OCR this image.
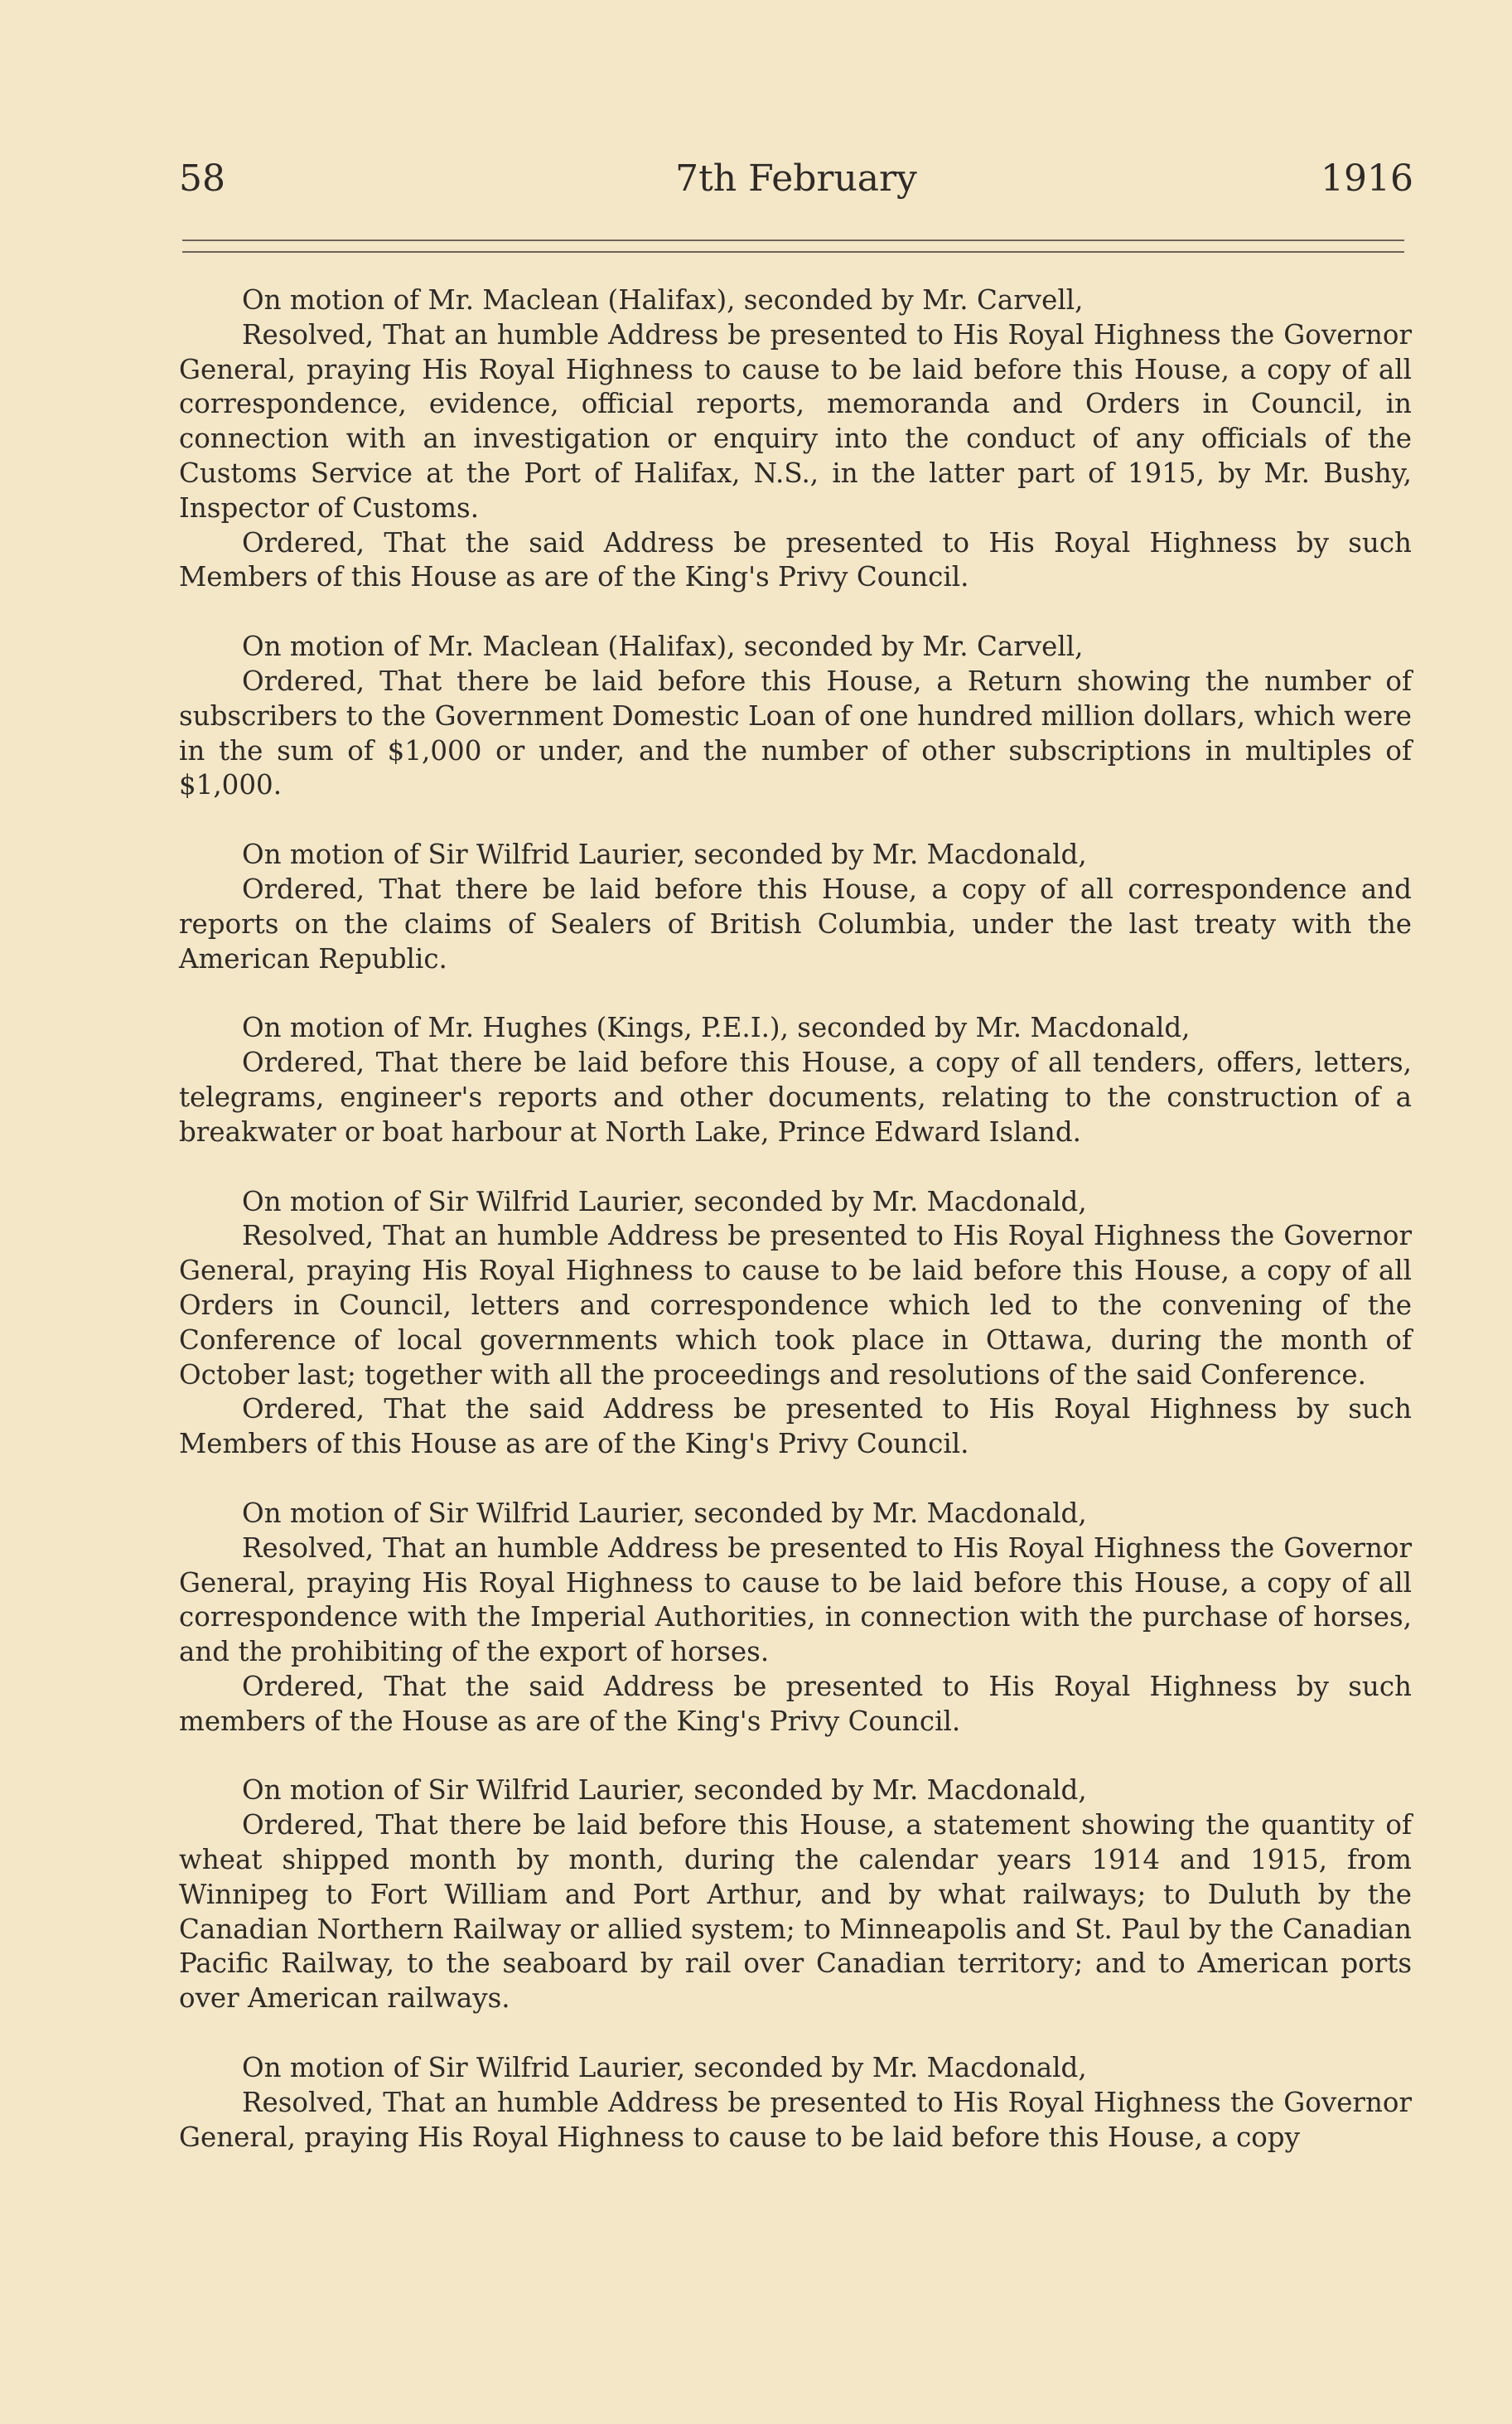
58	7th February	1916

On motion of Mr. Maclean (Halifax), seconded by Mr. Carvell,

Resolved, That an humble Address be presented to His Royal Highness the Governor General, praying His Royal Highness to cause to be laid before this House, a copy of all correspondence, evidence, official reports, memoranda and Orders in Council, in connection with an investigation or enquiry into the conduct of any officials of the Customs Service at the Port of Halifax, N.S., in the latter part of 1915, by Mr. Bushy, Inspector of Customs.

Ordered, That the said Address be presented to His Royal Highness by such Members of this House as are of the King's Privy Council.

On motion of Mr. Maclean (Halifax), seconded by Mr. Carvell,

Ordered, That there be laid before this House, a Return showing the number of subscribers to the Government Domestic Loan of one hundred million dollars, which were in the sum of $1,000 or under, and the number of other subscriptions in multiples of $1,000.

On motion of Sir Wilfrid Laurier, seconded by Mr. Macdonald,

Ordered, That there be laid before this House, a copy of all correspondence and reports on the claims of Sealers of British Columbia, under the last treaty with the American Republic.

On motion of Mr. Hughes (Kings, P.E.I.), seconded by Mr. Macdonald,

Ordered, That there be laid before this House, a copy of all tenders, offers, letters, telegrams, engineer's reports and other documents, relating to the construction of a breakwater or boat harbour at North Lake, Prince Edward Island.

On motion of Sir Wilfrid Laurier, seconded by Mr. Macdonald,

Resolved, That an humble Address be presented to His Royal Highness the Governor General, praying His Royal Highness to cause to be laid before this House, a copy of all Orders in Council, letters and correspondence which led to the convening of the Conference of local governments which took place in Ottawa, during the month of October last; together with all the proceedings and resolutions of the said Conference.

Ordered, That the said Address be presented to His Royal Highness by such Members of this House as are of the King's Privy Council.

On motion of Sir Wilfrid Laurier, seconded by Mr. Macdonald,

Resolved, That an humble Address be presented to His Royal Highness the Governor General, praying His Royal Highness to cause to be laid before this House, a copy of all correspondence with the Imperial Authorities, in connection with the purchase of horses, and the prohibiting of the export of horses.

Ordered, That the said Address be presented to His Royal Highness by such members of the House as are of the King's Privy Council.

On motion of Sir Wilfrid Laurier, seconded by Mr. Macdonald,

Ordered, That there be laid before this House, a statement showing the quantity of wheat shipped month by month, during the calendar years 1914 and 1915, from Winnipeg to Fort William and Port Arthur, and by what railways; to Duluth by the Canadian Northern Railway or allied system; to Minneapolis and St. Paul by the Canadian Pacific Railway, to the seaboard by rail over Canadian territory; and to American ports over American railways.

On motion of Sir Wilfrid Laurier, seconded by Mr. Macdonald,

Resolved, That an humble Address be presented to His Royal Highness the Governor General, praying His Royal Highness to cause to be laid before this House, a copy
